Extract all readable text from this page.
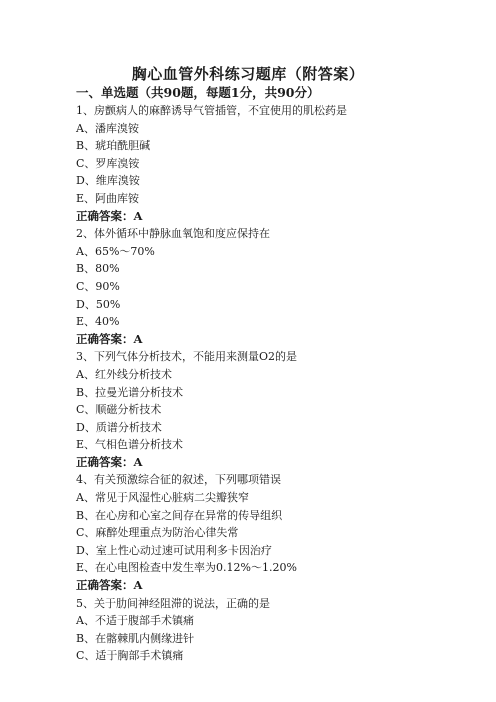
胸心血管外科练习题库（附答案）
一、单选题（共90题，每题1分，共90分）
1、房颤病人的麻醉诱导气管插管，不宜使用的肌松药是
A、潘库溴铵
B、琥珀酰胆碱
C、罗库溴铵
D、维库溴铵
E、阿曲库铵
正确答案：A
2、体外循环中静脉血氧饱和度应保持在
A、65%～70%
B、80%
C、90%
D、50%
E、40%
正确答案：A
3、下列气体分析技术，不能用来测量O2的是
A、红外线分析技术
B、拉曼光谱分析技术
C、顺磁分析技术
D、质谱分析技术
E、气相色谱分析技术
正确答案：A
4、有关预激综合征的叙述，下列哪项错误
A、常见于风湿性心脏病二尖瓣狭窄
B、在心房和心室之间存在异常的传导组织
C、麻醉处理重点为防治心律失常
D、室上性心动过速可试用利多卡因治疗
E、在心电图检查中发生率为0.12%～1.20%
正确答案：A
5、关于肋间神经阻滞的说法，正确的是
A、不适于腹部手术镇痛
B、在髂棘肌内侧缘进针
C、适于胸部手术镇痛
